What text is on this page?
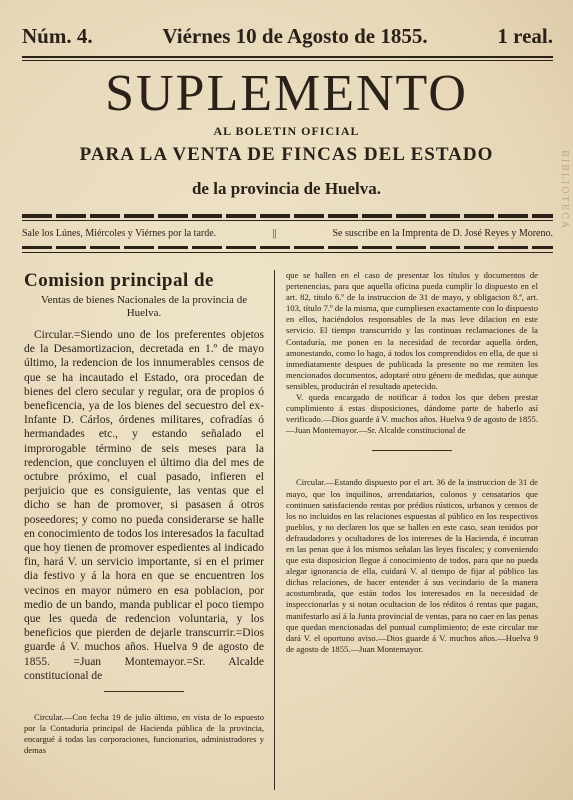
Núm. 4.	Viérnes 10 de Agosto de 1855.	1 real.
SUPLEMENTO
AL BOLETIN OFICIAL
PARA LA VENTA DE FINCAS DEL ESTADO
de la provincia de Huelva.
Sale los Lúnes, Miércoles y Viérnes por la tarde.	||	Se suscribe en la Imprenta de D. José Reyes y Moreno.
Comision principal de
Ventas de bienes Nacionales de la provincia de Huelva.

Circular.=Siendo uno de los preferentes objetos de la Desamortizacion, decretada en 1.º de mayo último, la redencion de los innumerables censos de que se ha incautado el Estado, ora procedan de bienes del clero secular y regular, ora de propios ó beneficencia, ya de los bienes del secuestro del ex-Infante D. Cárlos, órdenes militares, cofradías ó hermandades etc., y estando señalado el improrogable término de seis meses para la redencion, que concluyen el último dia del mes de octubre próximo, el cual pasado, infieren el perjuicio que es consiguiente, las ventas que el dicho se han de promover, si pasasen á otros poseedores; y como no pueda considerarse se halle en conocimiento de todos los interesados la facultad que hoy tienen de promover espedientes al indicado fin, hará V. un servicio importante, si en el primer dia festivo y á la hora en que se encuentren los vecinos en mayor número en esa poblacion, por medio de un bando, manda publicar el poco tiempo que les queda de redencion voluntaria, y los beneficios que pierden de dejarle transcurrir.=Dios guarde á V. muchos años. Huelva 9 de agosto de 1855. =Juan Montemayor.=Sr. Alcalde constitucional de

Circular.—Con fecha 19 de julio último, en vista de lo espuesto por la Contaduría principal de Hacienda pública de la provincia, encargué á todas las corporaciones, funcionarios, administradores y demas

que se hallen en el caso de presentar los títulos y documentos de pertenencias, para que aquella oficina pueda cumplir lo dispuesto en el art. 82, título 6.º de la instruccion de 31 de mayo, y obligacion 8.ª, art. 103, título 7.º de la misma, que cumpliesen exactamente con lo dispuesto en ellos, haciéndolos responsables de la mas leve dilacion en este servicio. El tiempo transcurrido y las continuas reclamaciones de la Contaduría, me ponen en la necesidad de recordar aquella órden, amonestando, como lo hago, á todos los comprendidos en ella, de que si inmediatamente despues de publicada la presente no me remiten los mencionados documentos, adoptaré otro género de medidas, que aunque sensibles, producirán el resultado apetecido.

V. queda encargado de notificar á todos los que deben prestar cumplimiento á estas disposiciones, dándome parte de haberlo así verificado.—Dios guarde á V. muchos años. Huelva 9 de agosto de 1855.—Juan Montemayor.—Sr. Alcalde constitucional de

Circular.—Estando dispuesto por el art. 36 de la instruccion de 31 de mayo, que los inquilinos, arrendatarios, colonos y censatarios que continuen satisfaciendo rentas por prédios rústicos, urbanos y censos de los no incluidos en las relaciones espuestas al público en los respectivos pueblos, y no declaren los que se hallen en este caso, sean tenidos por defraudadores y ocultadores de los intereses de la Hacienda, é incurran en las penas que á los mismos señalan las leyes fiscales; y conveniendo que esta disposicion llegue á conocimiento de todos, para que no pueda alegar ignorancia de ella, cuidará V. al tiempo de fijar al público las dichas relaciones, de hacer entender á sus vecindario de la manera acostumbrada, que están todos los interesados en la necesidad de inspeccionarlas y si notan ocultacion de los réditos ó rentas que pagan, manifestarlo así á la Junta provincial de ventas, para no caer en las penas que quedan mencionadas del puntual cumplimiento; de este circular me dará V. el oportuno aviso.—Dios guarde á V. muchos años.—Huelva 9 de agosto de 1855.—Juan Montemayor.

BIBLIOTECA
